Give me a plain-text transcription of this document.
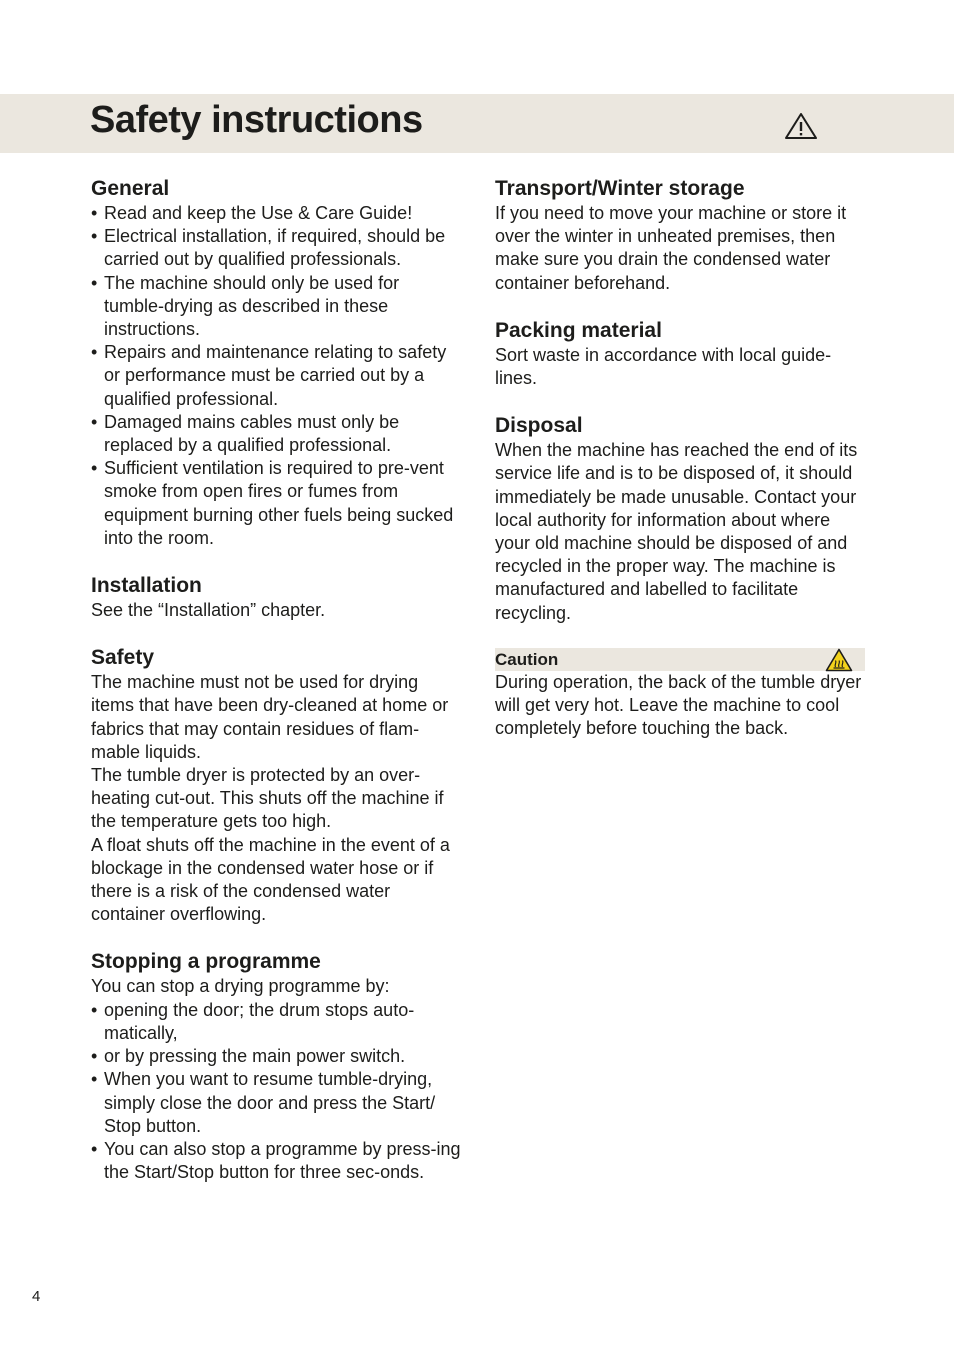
Safety instructions
General
• Read and keep the Use & Care Guide!
• Electrical installation, if required, should be carried out by qualified professionals.
• The machine should only be used for tumble-drying as described in these instructions.
• Repairs and maintenance relating to safety or performance must be carried out by a qualified professional.
• Damaged mains cables must only be replaced by a qualified professional.
• Sufficient ventilation is required to pre-vent smoke from open fires or fumes from equipment burning other fuels being sucked into the room.
Installation

See the “Installation” chapter.

Safety

The machine must not be used for drying items that have been dry-cleaned at home or fabrics that may contain residues of flam-mable liquids.

The tumble dryer is protected by an over-heating cut-out. This shuts off the machine if the temperature gets too high.

A float shuts off the machine in the event of a blockage in the condensed water hose or if there is a risk of the condensed water container overflowing.

Stopping a programme

You can stop a drying programme by:

• opening the door; the drum stops auto-matically,
• or by pressing the main power switch.
• When you want to resume tumble-drying, simply close the door and press the Start/ Stop button.
• You can also stop a programme by press-ing the Start/Stop button for three sec-onds.
Transport/Winter storage

If you need to move your machine or store it over the winter in unheated premises, then make sure you drain the condensed water container beforehand.

Packing material

Sort waste in accordance with local guide-lines.

Disposal

When the machine has reached the end of its service life and is to be disposed of, it should immediately be made unusable. Contact your local authority for information about where your old machine should be disposed of and recycled in the proper way. The machine is manufactured and labelled to facilitate recycling.

Caution

During operation, the back of the tumble dryer will get very hot. Leave the machine to cool completely before touching the back.

4
